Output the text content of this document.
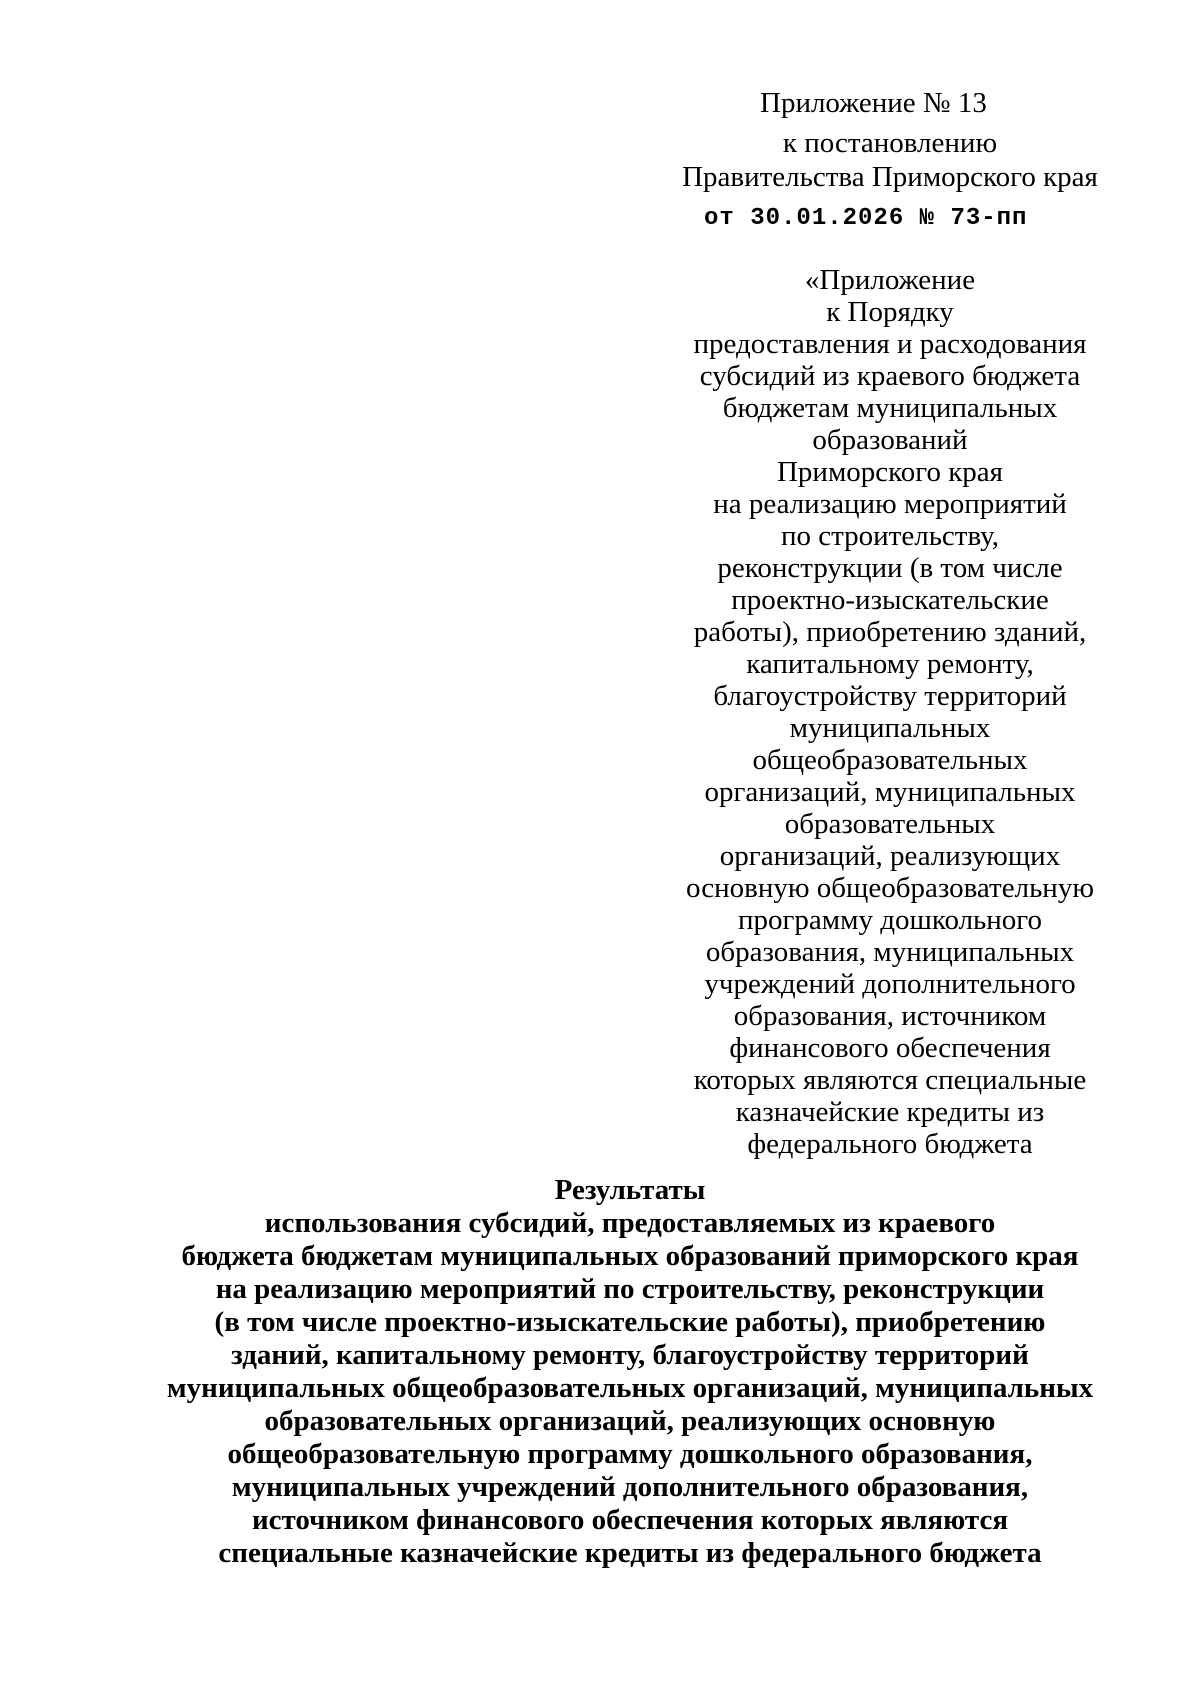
Приложение № 13
к постановлению
Правительства Приморского края
от 30.01.2026 № 73-пп
«Приложение
к Порядку
предоставления и расходования
субсидий из краевого бюджета
бюджетам муниципальных
образований
Приморского края
на реализацию мероприятий
по строительству,
реконструкции (в том числе
проектно-изыскательские
работы), приобретению зданий,
капитальному ремонту,
благоустройству территорий
муниципальных
общеобразовательных
организаций, муниципальных
образовательных
организаций, реализующих
основную общеобразовательную
программу дошкольного
образования, муниципальных
учреждений дополнительного
образования, источником
финансового обеспечения
которых являются специальные
казначейские кредиты из
федерального бюджета
Результаты
использования субсидий, предоставляемых из краевого
бюджета бюджетам муниципальных образований приморского края
на реализацию мероприятий по строительству, реконструкции
(в том числе проектно-изыскательские работы), приобретению
зданий, капитальному ремонту, благоустройству территорий
муниципальных общеобразовательных организаций, муниципальных
образовательных организаций, реализующих основную
общеобразовательную программу дошкольного образования,
муниципальных учреждений дополнительного образования,
источником финансового обеспечения которых являются
специальные казначейские кредиты из федерального бюджета
